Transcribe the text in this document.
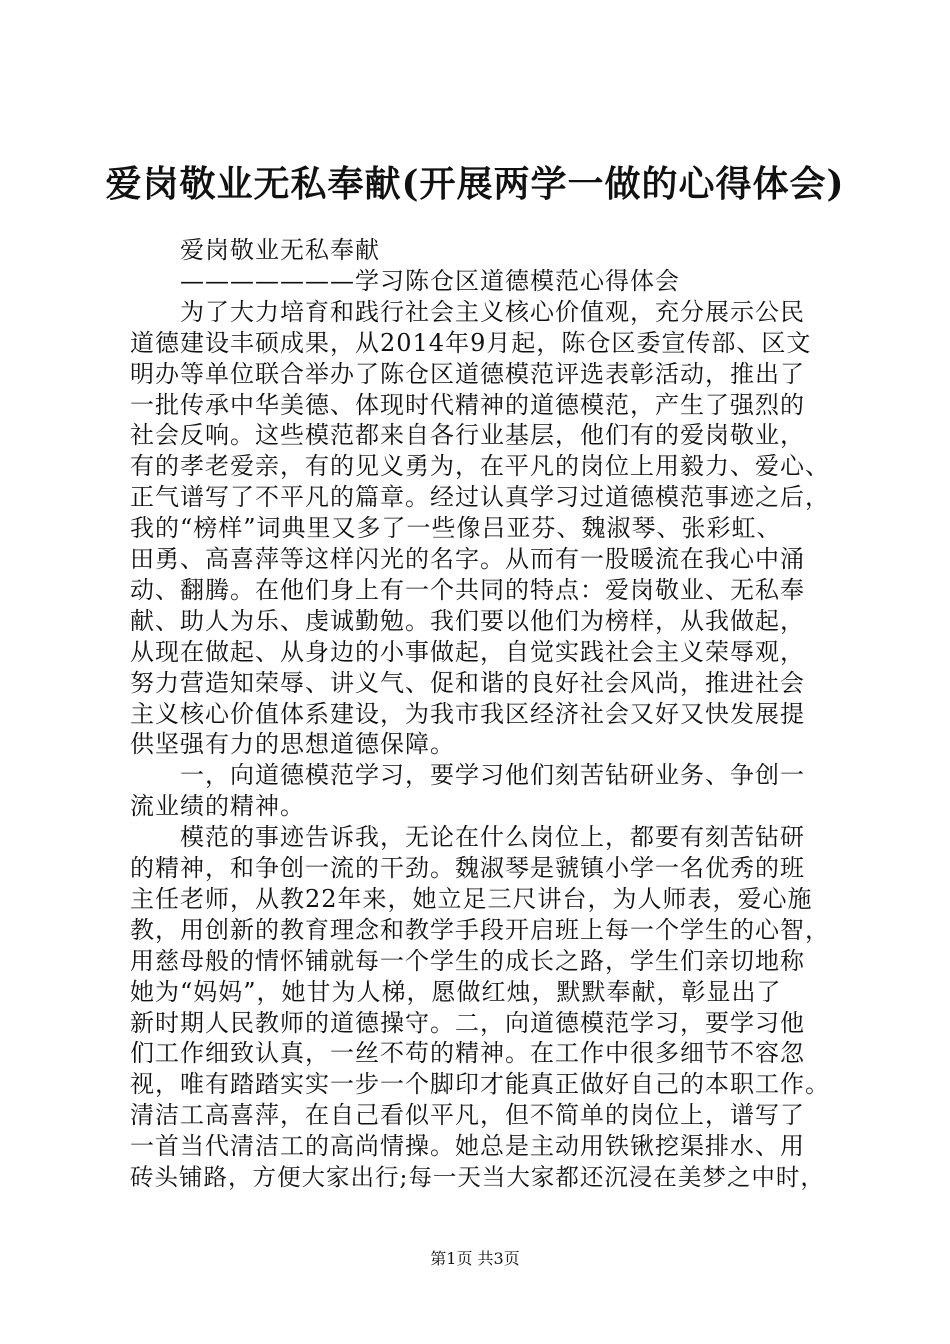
爱岗敬业无私奉献(开展两学一做的心得体会)
爱岗敬业无私奉献
———————学习陈仓区道德模范心得体会
为了大力培育和践行社会主义核心价值观，充分展示公民
道德建设丰硕成果，从2014年9月起，陈仓区委宣传部、区文
明办等单位联合举办了陈仓区道德模范评选表彰活动，推出了
一批传承中华美德、体现时代精神的道德模范，产生了强烈的
社会反响。这些模范都来自各行业基层，他们有的爱岗敬业，
有的孝老爱亲，有的见义勇为，在平凡的岗位上用毅力、爱心、
正气谱写了不平凡的篇章。经过认真学习过道德模范事迹之后，
我的“榜样”词典里又多了一些像吕亚芬、魏淑琴、张彩虹、
田勇、高喜萍等这样闪光的名字。从而有一股暖流在我心中涌
动、翻腾。在他们身上有一个共同的特点：爱岗敬业、无私奉
献、助人为乐、虔诚勤勉。我们要以他们为榜样，从我做起，
从现在做起、从身边的小事做起，自觉实践社会主义荣辱观，
努力营造知荣辱、讲义气、促和谐的良好社会风尚，推进社会
主义核心价值体系建设，为我市我区经济社会又好又快发展提
供坚强有力的思想道德保障。
一，向道德模范学习，要学习他们刻苦钻研业务、争创一
流业绩的精神。
模范的事迹告诉我，无论在什么岗位上，都要有刻苦钻研
的精神，和争创一流的干劲。魏淑琴是虢镇小学一名优秀的班
主任老师，从教22年来，她立足三尺讲台，为人师表，爱心施
教，用创新的教育理念和教学手段开启班上每一个学生的心智，
用慈母般的情怀铺就每一个学生的成长之路，学生们亲切地称
她为“妈妈”，她甘为人梯，愿做红烛，默默奉献，彰显出了
新时期人民教师的道德操守。二，向道德模范学习，要学习他
们工作细致认真，一丝不苟的精神。在工作中很多细节不容忽
视，唯有踏踏实实一步一个脚印才能真正做好自己的本职工作。
清洁工高喜萍，在自己看似平凡，但不简单的岗位上，谱写了
一首当代清洁工的高尚情操。她总是主动用铁锹挖渠排水、用
砖头铺路，方便大家出行;每一天当大家都还沉浸在美梦之中时，
第1页 共3页
